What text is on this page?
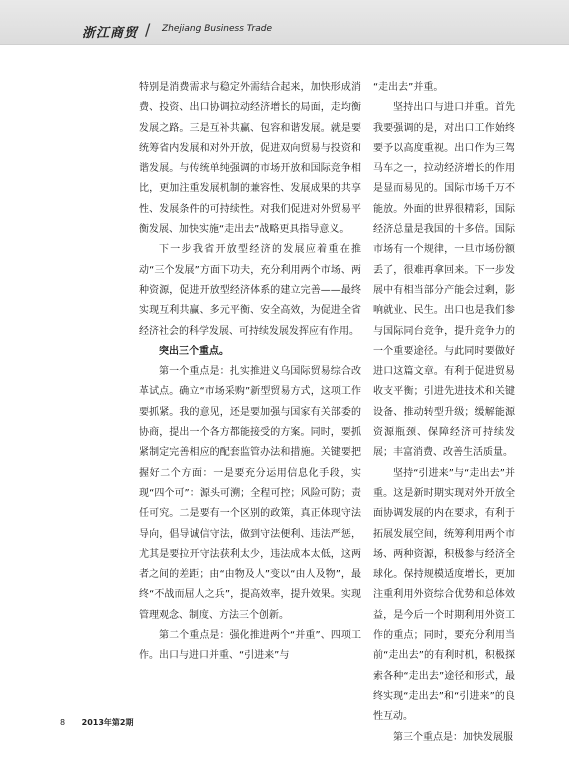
浙江商贸 / Zhejiang Business Trade

特别是消费需求与稳定外需结合起来，加快形成消费、投资、出口协调拉动经济增长的局面，走均衡发展之路。三是互补共赢、包容和谐发展。就是要统筹省内发展和对外开放，促进双向贸易与投资和谐发展。与传统单纯强调的市场开放和国际竞争相比，更加注重发展机制的兼容性、发展成果的共享性、发展条件的可持续性。对我们促进对外贸易平衡发展、加快实施“走出去”战略更具指导意义。

下一步我省开放型经济的发展应着重在推动“三个发展”方面下功夫，充分利用两个市场、两种资源，促进开放型经济体系的建立完善——最终实现互利共赢、多元平衡、安全高效，为促进全省经济社会的科学发展、可持续发展发挥应有作用。

突出三个重点。

第一个重点是：扎实推进义乌国际贸易综合改革试点。确立“市场采购”新型贸易方式，这项工作要抓紧。我的意见，还是要加强与国家有关部委的协商，提出一个各方都能接受的方案。同时，要抓紧制定完善相应的配套监管办法和措施。关键要把握好二个方面：一是要充分运用信息化手段，实现“四个可”：源头可溯；全程可控；风险可防；责任可究。二是要有一个区别的政策，真正体现守法导向，倡导诚信守法，做到守法便利、违法严惩，尤其是要拉开守法获利太少，违法成本太低，这两者之间的差距；由“由物及人”变以“由人及物”，最终“不战而屈人之兵”，提高效率，提升效果。实现管理观念、制度、方法三个创新。

第二个重点是：强化推进两个“并重”、四项工作。出口与进口并重、“引进来”与

“走出去”并重。

坚持出口与进口并重。首先我要强调的是，对出口工作始终要予以高度重视。出口作为三驾马车之一，拉动经济增长的作用是显而易见的。国际市场千万不能放。外面的世界很精彩，国际经济总量是我国的十多倍。国际市场有一个规律，一旦市场份额丢了，很难再拿回来。下一步发展中有相当部分产能会过剩，影响就业、民生。出口也是我们参与国际同台竞争，提升竞争力的一个重要途径。与此同时要做好进口这篇文章。有利于促进贸易收支平衡；引进先进技术和关键设备、推动转型升级；缓解能源资源瓶颈、保障经济可持续发展；丰富消费、改善生活质量。

坚持“引进来”与“走出去”并重。这是新时期实现对外开放全面协调发展的内在要求，有利于拓展发展空间，统筹利用两个市场、两种资源，积极参与经济全球化。保持规模适度增长，更加注重利用外资综合优势和总体效益，是今后一个时期利用外资工作的重点；同时，要充分利用当前“走出去”的有利时机，积极探索各种“走出去”途径和形式，最终实现“走出去”和“引进来”的良性互动。

第三个重点是：加快发展服

8 2013年第2期
